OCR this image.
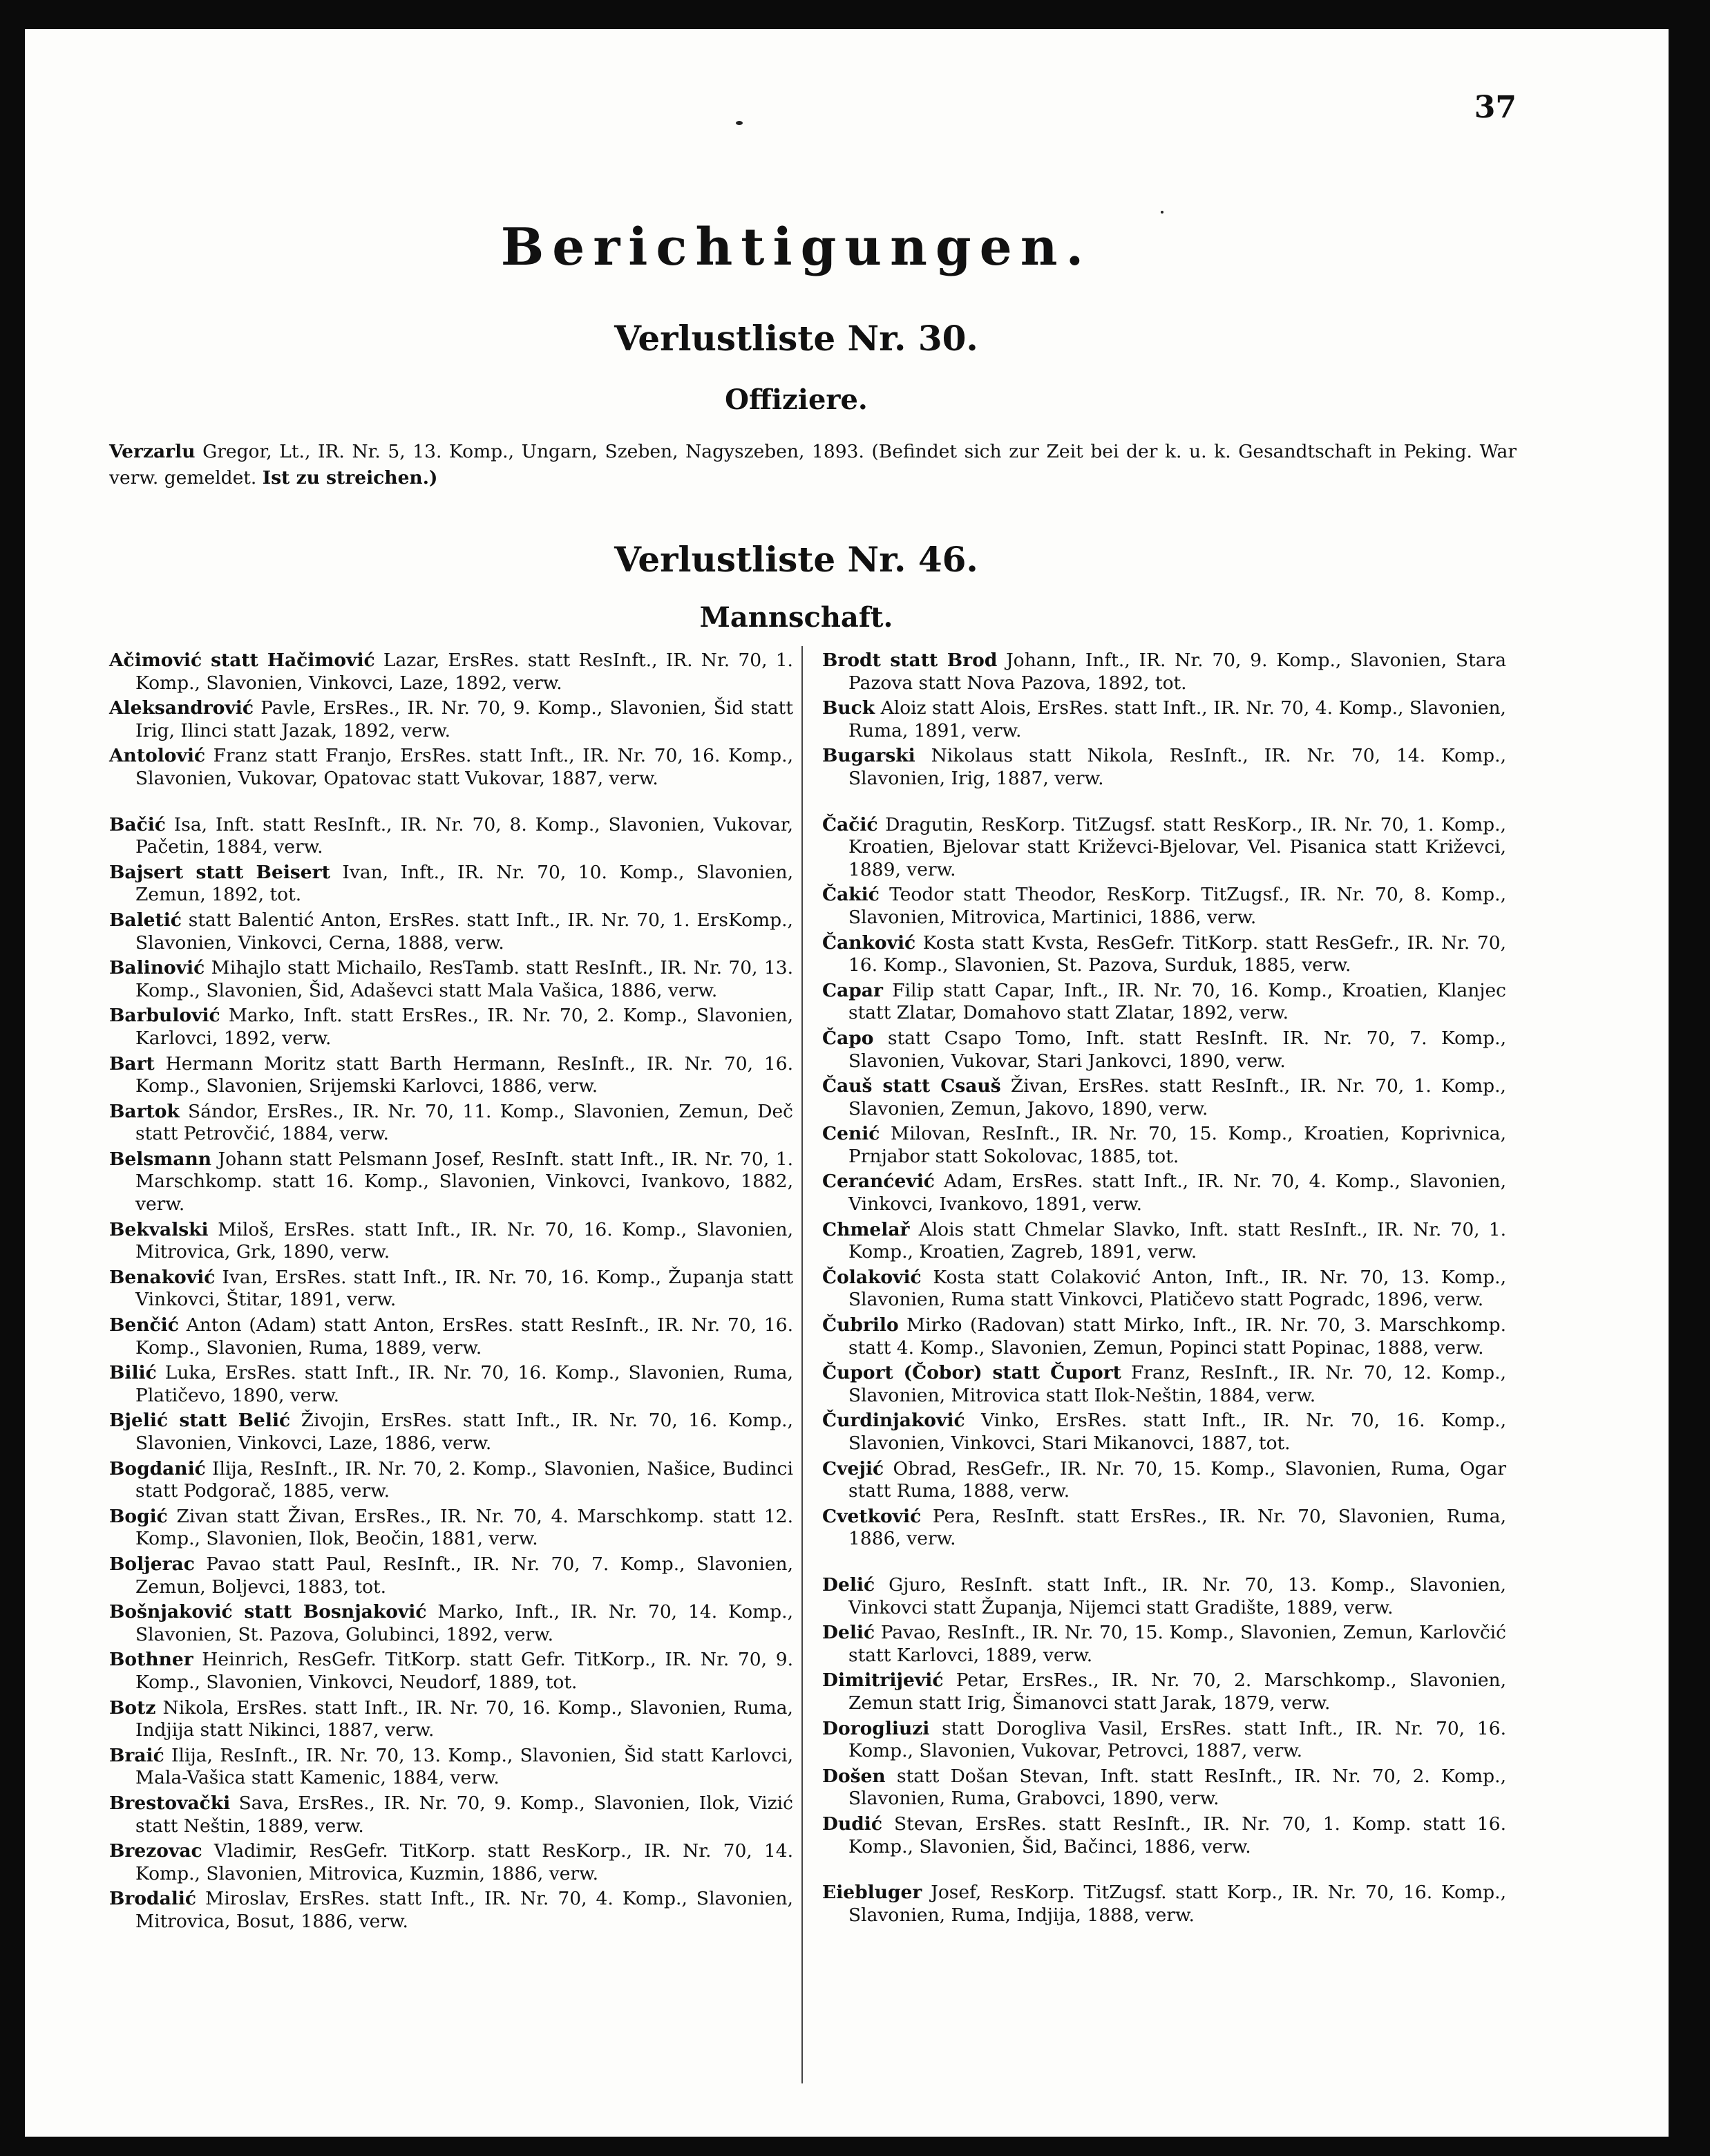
37
Berichtigungen.
Verlustliste Nr. 30.
Offiziere.
Verzarlu Gregor, Lt., IR. Nr. 5, 13. Komp., Ungarn, Szeben, Nagyszeben, 1893. (Befindet sich zur Zeit bei der k. u. k. Gesandtschaft in Peking. War verw. gemeldet. Ist zu streichen.)
Verlustliste Nr. 46.
Mannschaft.

Ačimović statt Hačimović Lazar, ErsRes. statt ResInft., IR. Nr. 70, 1. Komp., Slavonien, Vinkovci, Laze, 1892, verw.

Aleksandrović Pavle, ErsRes., IR. Nr. 70, 9. Komp., Slavonien, Šid statt Irig, Ilinci statt Jazak, 1892, verw.

Antolović Franz statt Franjo, ErsRes. statt Inft., IR. Nr. 70, 16. Komp., Slavonien, Vukovar, Opatovac statt Vukovar, 1887, verw.

Bačić Isa, Inft. statt ResInft., IR. Nr. 70, 8. Komp., Slavonien, Vukovar, Pačetin, 1884, verw.

Bajsert statt Beisert Ivan, Inft., IR. Nr. 70, 10. Komp., Slavonien, Zemun, 1892, tot.

Baletić statt Balentić Anton, ErsRes. statt Inft., IR. Nr. 70, 1. ErsKomp., Slavonien, Vinkovci, Cerna, 1888, verw.

Balinović Mihajlo statt Michailo, ResTamb. statt ResInft., IR. Nr. 70, 13. Komp., Slavonien, Šid, Adaševci statt Mala Vašica, 1886, verw.

Barbulović Marko, Inft. statt ErsRes., IR. Nr. 70, 2. Komp., Slavonien, Karlovci, 1892, verw.

Bart Hermann Moritz statt Barth Hermann, ResInft., IR. Nr. 70, 16. Komp., Slavonien, Srijemski Karlovci, 1886, verw.

Bartok Sándor, ErsRes., IR. Nr. 70, 11. Komp., Slavonien, Zemun, Deč statt Petrovčić, 1884, verw.

Belsmann Johann statt Pelsmann Josef, ResInft. statt Inft., IR. Nr. 70, 1. Marschkomp. statt 16. Komp., Slavonien, Vinkovci, Ivankovo, 1882, verw.

Bekvalski Miloš, ErsRes. statt Inft., IR. Nr. 70, 16. Komp., Slavonien, Mitrovica, Grk, 1890, verw.

Benaković Ivan, ErsRes. statt Inft., IR. Nr. 70, 16. Komp., Županja statt Vinkovci, Štitar, 1891, verw.

Benčić Anton (Adam) statt Anton, ErsRes. statt ResInft., IR. Nr. 70, 16. Komp., Slavonien, Ruma, 1889, verw.

Bilić Luka, ErsRes. statt Inft., IR. Nr. 70, 16. Komp., Slavonien, Ruma, Platičevo, 1890, verw.

Bjelić statt Belić Živojin, ErsRes. statt Inft., IR. Nr. 70, 16. Komp., Slavonien, Vinkovci, Laze, 1886, verw.

Bogdanić Ilija, ResInft., IR. Nr. 70, 2. Komp., Slavonien, Našice, Budinci statt Podgorač, 1885, verw.

Bogić Zivan statt Živan, ErsRes., IR. Nr. 70, 4. Marschkomp. statt 12. Komp., Slavonien, Ilok, Beočin, 1881, verw.

Boljerac Pavao statt Paul, ResInft., IR. Nr. 70, 7. Komp., Slavonien, Zemun, Boljevci, 1883, tot.

Bošnjaković statt Bosnjaković Marko, Inft., IR. Nr. 70, 14. Komp., Slavonien, St. Pazova, Golubinci, 1892, verw.

Bothner Heinrich, ResGefr. TitKorp. statt Gefr. TitKorp., IR. Nr. 70, 9. Komp., Slavonien, Vinkovci, Neudorf, 1889, tot.

Botz Nikola, ErsRes. statt Inft., IR. Nr. 70, 16. Komp., Slavonien, Ruma, Indjija statt Nikinci, 1887, verw.

Braić Ilija, ResInft., IR. Nr. 70, 13. Komp., Slavonien, Šid statt Karlovci, Mala-Vašica statt Kamenic, 1884, verw.

Brestovački Sava, ErsRes., IR. Nr. 70, 9. Komp., Slavonien, Ilok, Vizić statt Neštin, 1889, verw.

Brezovac Vladimir, ResGefr. TitKorp. statt ResKorp., IR. Nr. 70, 14. Komp., Slavonien, Mitrovica, Kuzmin, 1886, verw.

Brodalić Miroslav, ErsRes. statt Inft., IR. Nr. 70, 4. Komp., Slavonien, Mitrovica, Bosut, 1886, verw.

Brodt statt Brod Johann, Inft., IR. Nr. 70, 9. Komp., Slavonien, Stara Pazova statt Nova Pazova, 1892, tot.

Buck Aloiz statt Alois, ErsRes. statt Inft., IR. Nr. 70, 4. Komp., Slavonien, Ruma, 1891, verw.

Bugarski Nikolaus statt Nikola, ResInft., IR. Nr. 70, 14. Komp., Slavonien, Irig, 1887, verw.

Čačić Dragutin, ResKorp. TitZugsf. statt ResKorp., IR. Nr. 70, 1. Komp., Kroatien, Bjelovar statt Križevci-Bjelovar, Vel. Pisanica statt Križevci, 1889, verw.

Čakić Teodor statt Theodor, ResKorp. TitZugsf., IR. Nr. 70, 8. Komp., Slavonien, Mitrovica, Martinici, 1886, verw.

Čanković Kosta statt Kvsta, ResGefr. TitKorp. statt ResGefr., IR. Nr. 70, 16. Komp., Slavonien, St. Pazova, Surduk, 1885, verw.

Capar Filip statt Capar, Inft., IR. Nr. 70, 16. Komp., Kroatien, Klanjec statt Zlatar, Domahovo statt Zlatar, 1892, verw.

Čapo statt Csapo Tomo, Inft. statt ResInft. IR. Nr. 70, 7. Komp., Slavonien, Vukovar, Stari Jankovci, 1890, verw.

Čauš statt Csauš Živan, ErsRes. statt ResInft., IR. Nr. 70, 1. Komp., Slavonien, Zemun, Jakovo, 1890, verw.

Cenić Milovan, ResInft., IR. Nr. 70, 15. Komp., Kroatien, Koprivnica, Prnjabor statt Sokolovac, 1885, tot.

Ceranćević Adam, ErsRes. statt Inft., IR. Nr. 70, 4. Komp., Slavonien, Vinkovci, Ivankovo, 1891, verw.

Chmelař Alois statt Chmelar Slavko, Inft. statt ResInft., IR. Nr. 70, 1. Komp., Kroatien, Zagreb, 1891, verw.

Čolaković Kosta statt Colaković Anton, Inft., IR. Nr. 70, 13. Komp., Slavonien, Ruma statt Vinkovci, Platičevo statt Pogradc, 1896, verw.

Čubrilo Mirko (Radovan) statt Mirko, Inft., IR. Nr. 70, 3. Marschkomp. statt 4. Komp., Slavonien, Zemun, Popinci statt Popinac, 1888, verw.

Čuport (Čobor) statt Čuport Franz, ResInft., IR. Nr. 70, 12. Komp., Slavonien, Mitrovica statt Ilok-Neštin, 1884, verw.

Čurdinjaković Vinko, ErsRes. statt Inft., IR. Nr. 70, 16. Komp., Slavonien, Vinkovci, Stari Mikanovci, 1887, tot.

Cvejić Obrad, ResGefr., IR. Nr. 70, 15. Komp., Slavonien, Ruma, Ogar statt Ruma, 1888, verw.

Cvetković Pera, ResInft. statt ErsRes., IR. Nr. 70, Slavonien, Ruma, 1886, verw.

Delić Gjuro, ResInft. statt Inft., IR. Nr. 70, 13. Komp., Slavonien, Vinkovci statt Županja, Nijemci statt Gradište, 1889, verw.

Delić Pavao, ResInft., IR. Nr. 70, 15. Komp., Slavonien, Zemun, Karlovčić statt Karlovci, 1889, verw.

Dimitrijević Petar, ErsRes., IR. Nr. 70, 2. Marschkomp., Slavonien, Zemun statt Irig, Šimanovci statt Jarak, 1879, verw.

Dorogliuzi statt Dorogliva Vasil, ErsRes. statt Inft., IR. Nr. 70, 16. Komp., Slavonien, Vukovar, Petrovci, 1887, verw.

Došen statt Došan Stevan, Inft. statt ResInft., IR. Nr. 70, 2. Komp., Slavonien, Ruma, Grabovci, 1890, verw.

Dudić Stevan, ErsRes. statt ResInft., IR. Nr. 70, 1. Komp. statt 16. Komp., Slavonien, Šid, Bačinci, 1886, verw.

Eiebluger Josef, ResKorp. TitZugsf. statt Korp., IR. Nr. 70, 16. Komp., Slavonien, Ruma, Indjija, 1888, verw.
